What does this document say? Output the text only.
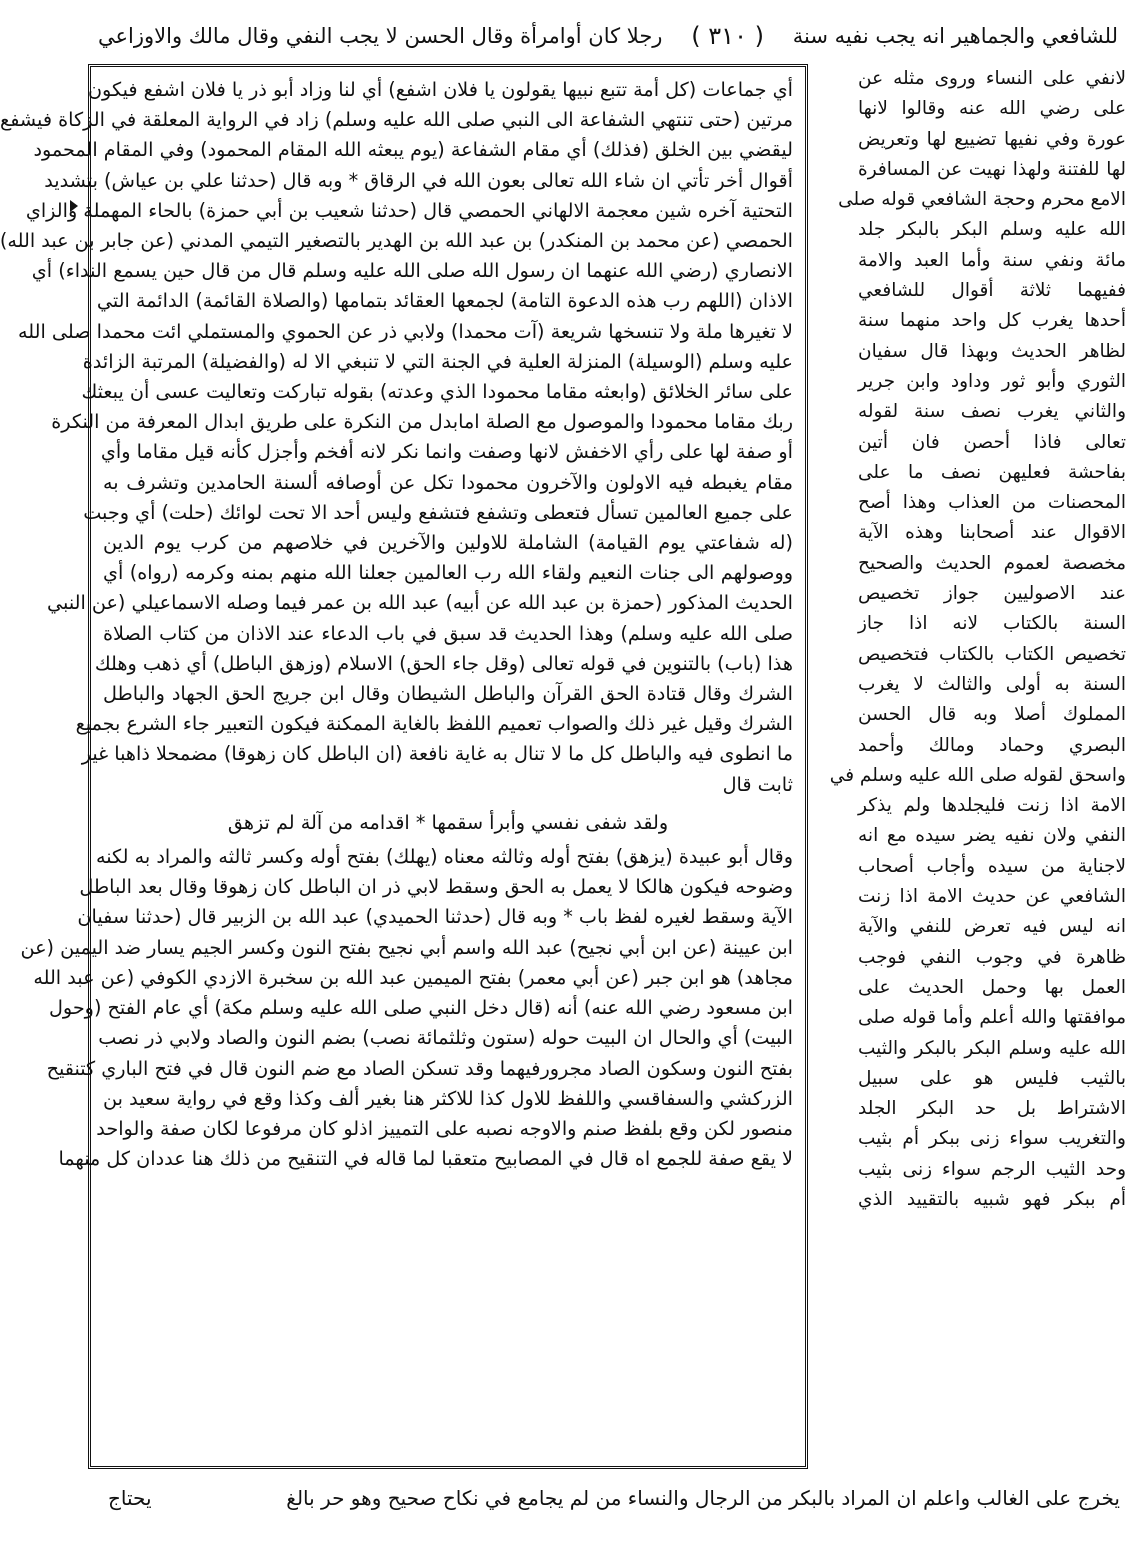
للشافعي والجماهير انه يجب نفيه سنة
( ٣١٠ )
رجلا كان أوامرأة وقال الحسن لا يجب النفي وقال مالك والاوزاعي
لانفي على النساء وروى مثله عن
على رضي الله عنه وقالوا لانها
عورة وفي نفيها تضييع لها وتعريض
لها للفتنة ولهذا نهيت عن المسافرة
الامع محرم وحجة الشافعي قوله صلى
الله عليه وسلم البكر بالبكر جلد
مائة ونفي سنة وأما العبد والامة
ففيهما ثلاثة أقوال للشافعي
أحدها يغرب كل واحد منهما سنة
لظاهر الحديث وبهذا قال سفيان
الثوري وأبو ثور وداود وابن جرير
والثاني يغرب نصف سنة لقوله
تعالى فاذا أحصن فان أتين
بفاحشة فعليهن نصف ما على
المحصنات من العذاب وهذا أصح
الاقوال عند أصحابنا وهذه الآية
مخصصة لعموم الحديث والصحيح
عند الاصوليين جواز تخصيص
السنة بالكتاب لانه اذا جاز
تخصيص الكتاب بالكتاب فتخصيص
السنة به أولى والثالث لا يغرب
المملوك أصلا وبه قال الحسن
البصري وحماد ومالك وأحمد
واسحق لقوله صلى الله عليه وسلم في
الامة اذا زنت فليجلدها ولم يذكر
النفي ولان نفيه يضر سيده مع انه
لاجناية من سيده وأجاب أصحاب
الشافعي عن حديث الامة اذا زنت
انه ليس فيه تعرض للنفي والآية
ظاهرة في وجوب النفي فوجب
العمل بها وحمل الحديث على
موافقتها والله أعلم وأما قوله صلى
الله عليه وسلم البكر بالبكر والثيب
بالثيب فليس هو على سبيل
الاشتراط بل حد البكر الجلد
والتغريب سواء زنى ببكر أم بثيب
وحد الثيب الرجم سواء زنى بثيب
أم ببكر فهو شبيه بالتقييد الذي
أي جماعات (كل أمة تتبع نبيها يقولون يا فلان اشفع) أي لنا وزاد أبو ذر يا فلان اشفع فيكون
مرتين (حتى تنتهي الشفاعة الى النبي صلى الله عليه وسلم) زاد في الرواية المعلقة في الزكاة فيشفع
ليقضي بين الخلق (فذلك) أي مقام الشفاعة (يوم يبعثه الله المقام المحمود) وفي المقام المحمود
أقوال أخر تأتي ان شاء الله تعالى بعون الله في الرقاق * وبه قال (حدثنا علي بن عياش) بتشديد
التحتية آخره شين معجمة الالهاني الحمصي قال (حدثنا شعيب بن أبي حمزة) بالحاء المهملة والزاي
الحمصي (عن محمد بن المنكدر) بن عبد الله بن الهدير بالتصغير التيمي المدني (عن جابر بن عبد الله)
الانصاري (رضي الله عنهما ان رسول الله صلى الله عليه وسلم قال من قال حين يسمع النداء) أي
الاذان (اللهم رب هذه الدعوة التامة) لجمعها العقائد بتمامها (والصلاة القائمة) الدائمة التي
لا تغيرها ملة ولا تنسخها شريعة (آت محمدا) ولابي ذر عن الحموي والمستملي ائت محمدا صلى الله
عليه وسلم (الوسيلة) المنزلة العلية في الجنة التي لا تنبغي الا له (والفضيلة) المرتبة الزائدة
على سائر الخلائق (وابعثه مقاما محمودا الذي وعدته) بقوله تباركت وتعاليت عسى أن يبعثك
ربك مقاما محمودا والموصول مع الصلة امابدل من النكرة على طريق ابدال المعرفة من النكرة
أو صفة لها على رأي الاخفش لانها وصفت وانما نكر لانه أفخم وأجزل كأنه قيل مقاما وأي
مقام يغبطه فيه الاولون والآخرون محمودا تكل عن أوصافه ألسنة الحامدين وتشرف به
على جميع العالمين تسأل فتعطى وتشفع فتشفع وليس أحد الا تحت لوائك (حلت) أي وجبت
(له شفاعتي يوم القيامة) الشاملة للاولين والآخرين في خلاصهم من كرب يوم الدين
ووصولهم الى جنات النعيم ولقاء الله رب العالمين جعلنا الله منهم بمنه وكرمه (رواه) أي
الحديث المذكور (حمزة بن عبد الله عن أبيه) عبد الله بن عمر فيما وصله الاسماعيلي (عن النبي
صلى الله عليه وسلم) وهذا الحديث قد سبق في باب الدعاء عند الاذان من كتاب الصلاة
هذا (باب) بالتنوين في قوله تعالى (وقل جاء الحق) الاسلام (وزهق الباطل) أي ذهب وهلك
الشرك وقال قتادة الحق القرآن والباطل الشيطان وقال ابن جريج الحق الجهاد والباطل
الشرك وقيل غير ذلك والصواب تعميم اللفظ بالغاية الممكنة فيكون التعبير جاء الشرع بجميع
ما انطوى فيه والباطل كل ما لا تنال به غاية نافعة (ان الباطل كان زهوقا) مضمحلا ذاهبا غير
ثابت قال
ولقد شفى نفسي وأبرأ سقمها * اقدامه من آلة لم تزهق
وقال أبو عبيدة (يزهق) بفتح أوله وثالثه معناه (يهلك) بفتح أوله وكسر ثالثه والمراد به لكنه
وضوحه فيكون هالكا لا يعمل به الحق وسقط لابي ذر ان الباطل كان زهوقا وقال بعد الباطل
الآية وسقط لغيره لفظ باب * وبه قال (حدثنا الحميدي) عبد الله بن الزبير قال (حدثنا سفيان
ابن عيينة (عن ابن أبي نجيح) عبد الله واسم أبي نجيح بفتح النون وكسر الجيم يسار ضد اليمين (عن
مجاهد) هو ابن جبر (عن أبي معمر) بفتح الميمين عبد الله بن سخبرة الازدي الكوفي (عن عبد الله
ابن مسعود رضي الله عنه) أنه (قال دخل النبي صلى الله عليه وسلم مكة) أي عام الفتح (وحول
البيت) أي والحال ان البيت حوله (ستون وثلثمائة نصب) بضم النون والصاد ولابي ذر نصب
بفتح النون وسكون الصاد مجرورفيهما وقد تسكن الصاد مع ضم النون قال في فتح الباري كتنقيح
الزركشي والسفاقسي واللفظ للاول كذا للاكثر هنا بغير ألف وكذا وقع في رواية سعيد بن
منصور لكن وقع بلفظ صنم والاوجه نصبه على التمييز اذلو كان مرفوعا لكان صفة والواحد
لا يقع صفة للجمع اه قال في المصابيح متعقبا لما قاله في التنقيح من ذلك هنا عددان كل منهما
يخرج على الغالب واعلم ان المراد بالبكر من الرجال والنساء من لم يجامع في نكاح صحيح وهو حر بالغ
يحتاج
